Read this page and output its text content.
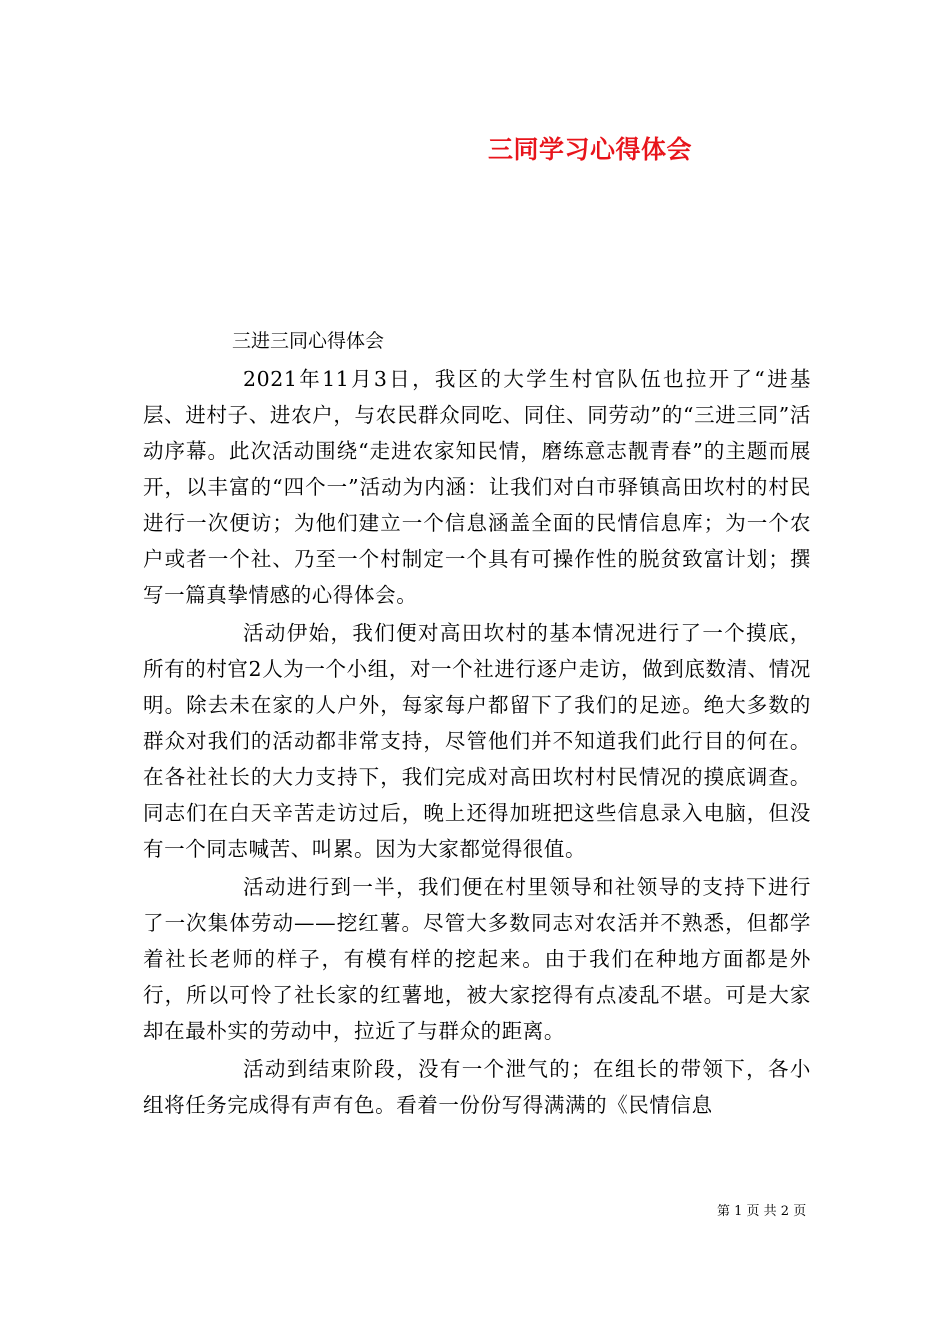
三同学习心得体会

三进三同心得体会

2021年11月3日，我区的大学生村官队伍也拉开了“进基层、进村子、进农户，与农民群众同吃、同住、同劳动”的“三进三同”活动序幕。此次活动围绕“走进农家知民情，磨练意志靓青春”的主题而展开，以丰富的“四个一”活动为内涵：让我们对白市驿镇高田坎村的村民进行一次便访；为他们建立一个信息涵盖全面的民情信息库；为一个农户或者一个社、乃至一个村制定一个具有可操作性的脱贫致富计划；撰写一篇真挚情感的心得体会。

活动伊始，我们便对高田坎村的基本情况进行了一个摸底，所有的村官2人为一个小组，对一个社进行逐户走访，做到底数清、情况明。除去未在家的人户外，每家每户都留下了我们的足迹。绝大多数的群众对我们的活动都非常支持，尽管他们并不知道我们此行目的何在。在各社社长的大力支持下，我们完成对高田坎村村民情况的摸底调查。同志们在白天辛苦走访过后，晚上还得加班把这些信息录入电脑，但没有一个同志喊苦、叫累。因为大家都觉得很值。

活动进行到一半，我们便在村里领导和社领导的支持下进行了一次集体劳动——挖红薯。尽管大多数同志对农活并不熟悉，但都学着社长老师的样子，有模有样的挖起来。由于我们在种地方面都是外行，所以可怜了社长家的红薯地，被大家挖得有点凌乱不堪。可是大家却在最朴实的劳动中，拉近了与群众的距离。

活动到结束阶段，没有一个泄气的；在组长的带领下，各小组将任务完成得有声有色。看着一份份写得满满的《民情信息

第 1 页 共 2 页
